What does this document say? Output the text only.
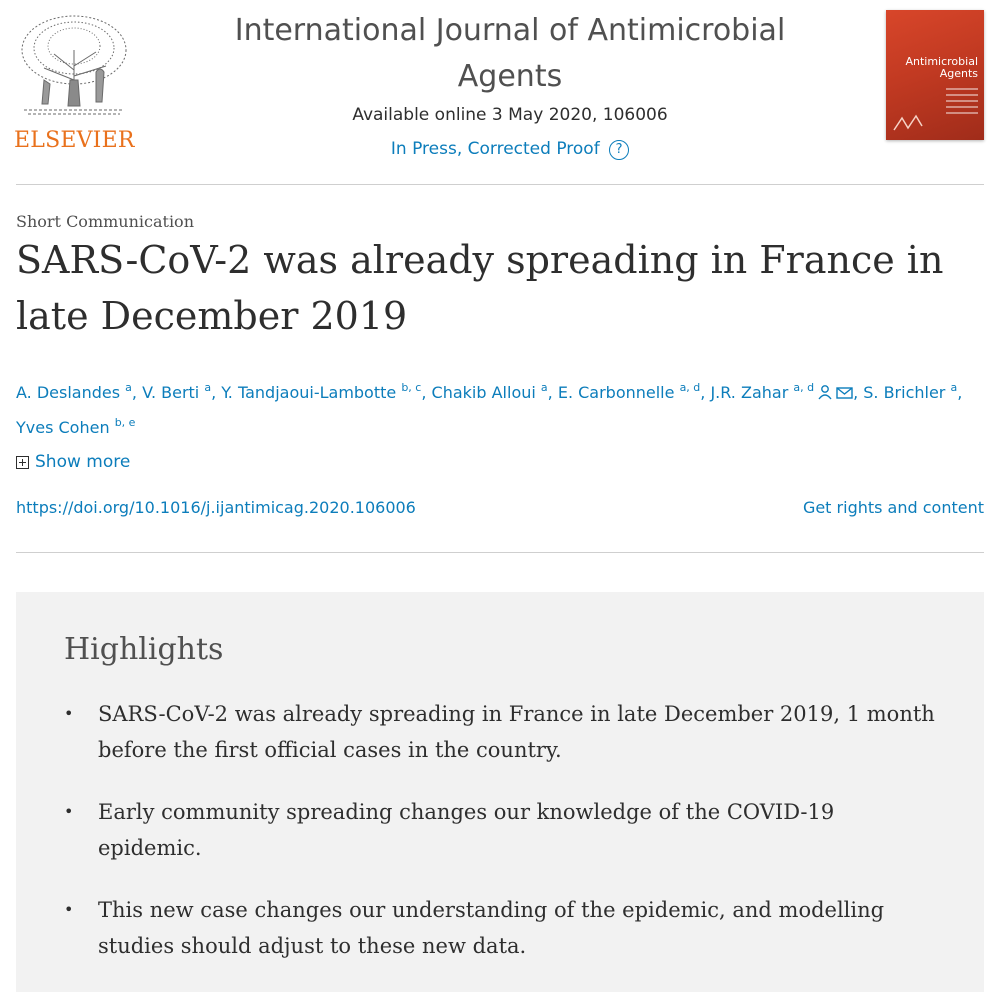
ELSEVIER
International Journal of Antimicrobial Agents
Available online 3 May 2020, 106006
In Press, Corrected Proof ?
Antimicrobial
Agents
Short Communication
SARS-CoV-2 was already spreading in France in late December 2019
A. Deslandes $^a$, V. Berti $^a$, Y. Tandjaoui-Lambotte $^{b, c}$, Chakib Alloui $^a$, E. Carbonnelle $^{a, d}$, J.R. Zahar $^{a, d}$ , S. Brichler $^a$, Yves Cohen $^{b, e}$
Show more
https://doi.org/10.1016/j.ijantimicag.2020.106006	Get rights and content
Highlights
• SARS-CoV-2 was already spreading in France in late December 2019, 1 month before the first official cases in the country.
• Early community spreading changes our knowledge of the COVID-19 epidemic.
• This new case changes our understanding of the epidemic, and modelling studies should adjust to these new data.
